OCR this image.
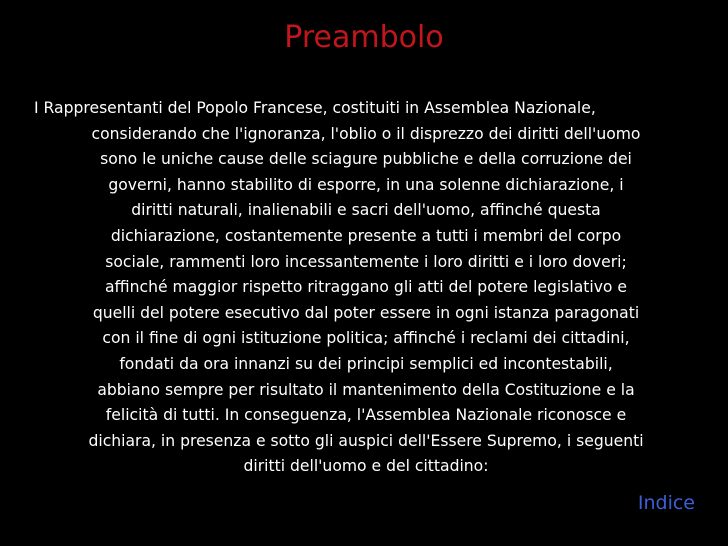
Preambolo

I Rappresentanti del Popolo Francese, costituiti in Assemblea Nazionale,
considerando che l'ignoranza, l'oblio o il disprezzo dei diritti dell'uomo
sono le uniche cause delle sciagure pubbliche e della corruzione dei
governi, hanno stabilito di esporre, in una solenne dichiarazione, i
diritti naturali, inalienabili e sacri dell'uomo, affinché questa
dichiarazione, costantemente presente a tutti i membri del corpo
sociale, rammenti loro incessantemente i loro diritti e i loro doveri;
affinché maggior rispetto ritraggano gli atti del potere legislativo e
quelli del potere esecutivo dal poter essere in ogni istanza paragonati
con il fine di ogni istituzione politica; affinché i reclami dei cittadini,
fondati da ora innanzi su dei principi semplici ed incontestabili,
abbiano sempre per risultato il mantenimento della Costituzione e la
felicità di tutti. In conseguenza, l'Assemblea Nazionale riconosce e
dichiara, in presenza e sotto gli auspici dell'Essere Supremo, i seguenti
diritti dell'uomo e del cittadino:

Indice
